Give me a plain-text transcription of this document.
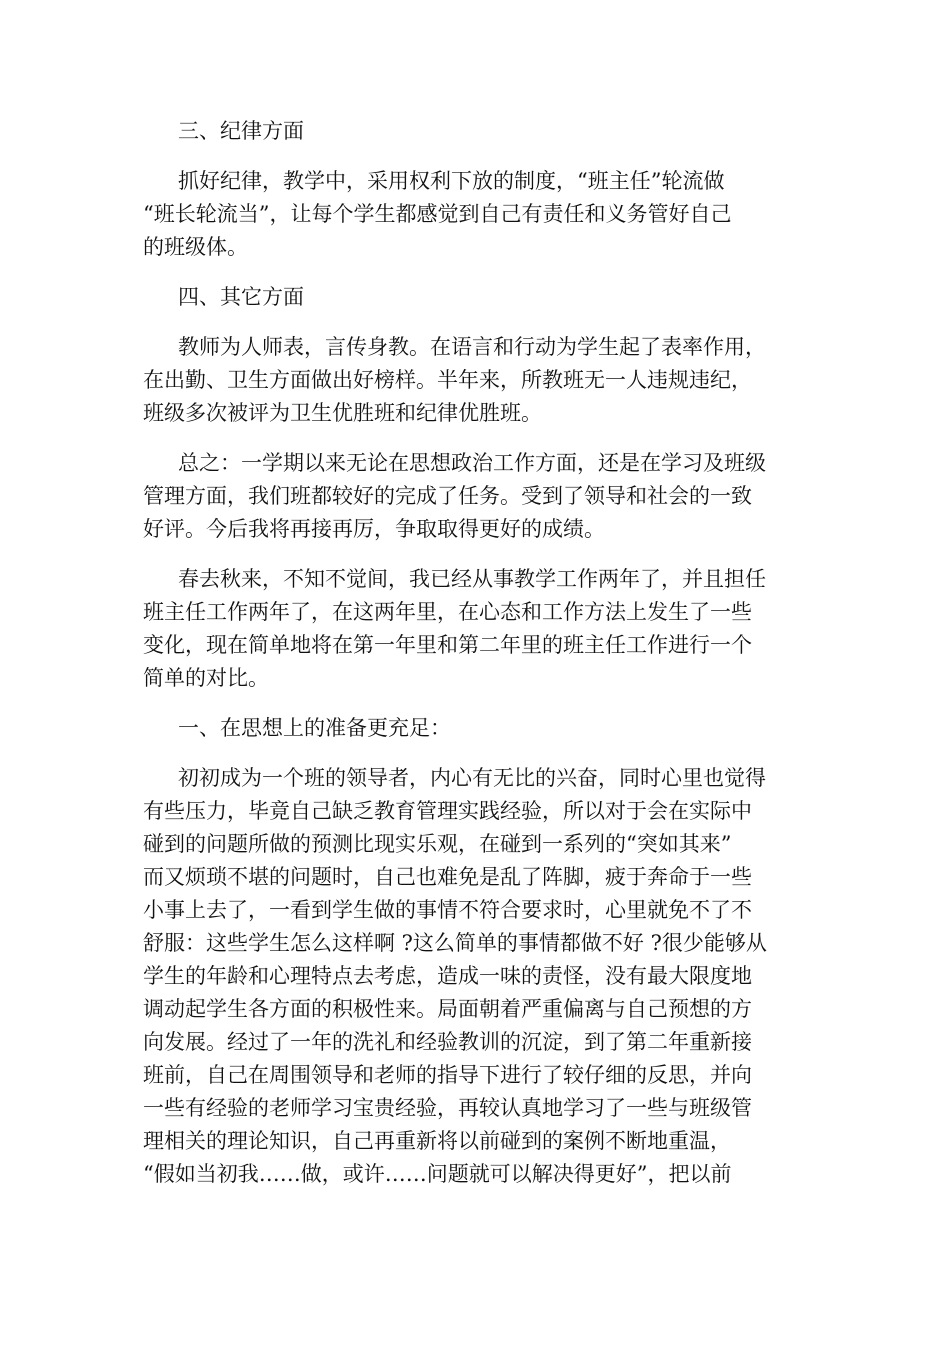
三、纪律方面
抓好纪律，教学中，采用权利下放的制度，“班主任”轮流做
“班长轮流当”，让每个学生都感觉到自己有责任和义务管好自己
的班级体。
四、其它方面
教师为人师表，言传身教。在语言和行动为学生起了表率作用，
在出勤、卫生方面做出好榜样。半年来，所教班无一人违规违纪，
班级多次被评为卫生优胜班和纪律优胜班。
总之：一学期以来无论在思想政治工作方面，还是在学习及班级
管理方面，我们班都较好的完成了任务。受到了领导和社会的一致
好评。今后我将再接再厉，争取取得更好的成绩。
春去秋来，不知不觉间，我已经从事教学工作两年了，并且担任
班主任工作两年了，在这两年里，在心态和工作方法上发生了一些
变化，现在简单地将在第一年里和第二年里的班主任工作进行一个
简单的对比。
一、在思想上的准备更充足：
初初成为一个班的领导者，内心有无比的兴奋，同时心里也觉得
有些压力，毕竟自己缺乏教育管理实践经验，所以对于会在实际中
碰到的问题所做的预测比现实乐观，在碰到一系列的“突如其来”
而又烦琐不堪的问题时，自己也难免是乱了阵脚，疲于奔命于一些
小事上去了，一看到学生做的事情不符合要求时，心里就免不了不
舒服：这些学生怎么这样啊 ?这么简单的事情都做不好 ?很少能够从
学生的年龄和心理特点去考虑，造成一味的责怪，没有最大限度地
调动起学生各方面的积极性来。局面朝着严重偏离与自己预想的方
向发展。经过了一年的洗礼和经验教训的沉淀，到了第二年重新接
班前，自己在周围领导和老师的指导下进行了较仔细的反思，并向
一些有经验的老师学习宝贵经验，再较认真地学习了一些与班级管
理相关的理论知识，自己再重新将以前碰到的案例不断地重温，
“假如当初我……做，或许……问题就可以解决得更好”，把以前
